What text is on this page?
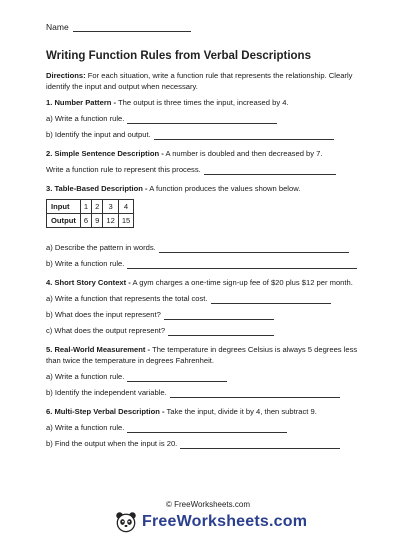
Name
Writing Function Rules from Verbal Descriptions

Directions: For each situation, write a function rule that represents the relationship. Clearly identify the input and output when necessary.

1. Number Pattern - The output is three times the input, increased by 4.

a) Write a function rule.
b) Identify the input and output.

2. Simple Sentence Description - A number is doubled and then decreased by 7.

Write a function rule to represent this process.

3. Table-Based Description - A function produces the values shown below.

Input	1	2	3	4
Output	6	9	12	15
a) Describe the pattern in words.
b) Write a function rule.

4. Short Story Context - A gym charges a one-time sign-up fee of $20 plus $12 per month.

a) Write a function that represents the total cost.
b) What does the input represent?
c) What does the output represent?

5. Real-World Measurement - The temperature in degrees Celsius is always 5 degrees less than twice the temperature in degrees Fahrenheit.

a) Write a function rule.
b) Identify the independent variable.

6. Multi-Step Verbal Description - Take the input, divide it by 4, then subtract 9.

a) Write a function rule.
b) Find the output when the input is 20.
© FreeWorksheets.com
FreeWorksheets.com
